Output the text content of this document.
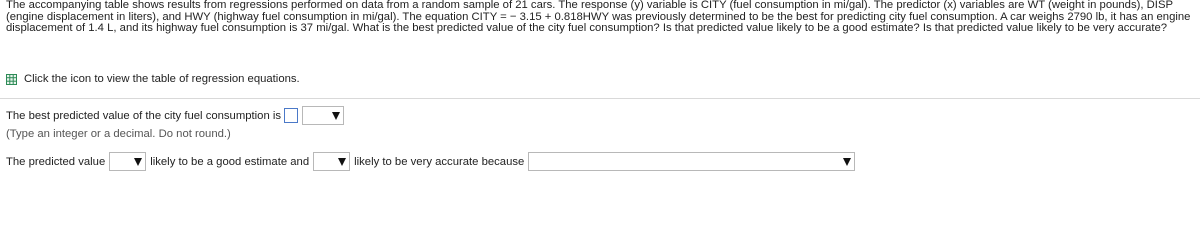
The accompanying table shows results from regressions performed on data from a random sample of 21 cars. The response (y) variable is CITY (fuel consumption in mi/gal). The predictor (x) variables are WT (weight in pounds), DISP (engine displacement in liters), and HWY (highway fuel consumption in mi/gal). The equation CITY = − 3.15 + 0.818HWY was previously determined to be the best for predicting city fuel consumption. A car weighs 2790 lb, it has an engine displacement of 1.4 L, and its highway fuel consumption is 37 mi/gal. What is the best predicted value of the city fuel consumption? Is that predicted value likely to be a good estimate? Is that predicted value likely to be very accurate?

Click the icon to view the table of regression equations.
The best predicted value of the city fuel consumption is
(Type an integer or a decimal. Do not round.)
The predicted value	likely to be a good estimate and	likely to be very accurate because
